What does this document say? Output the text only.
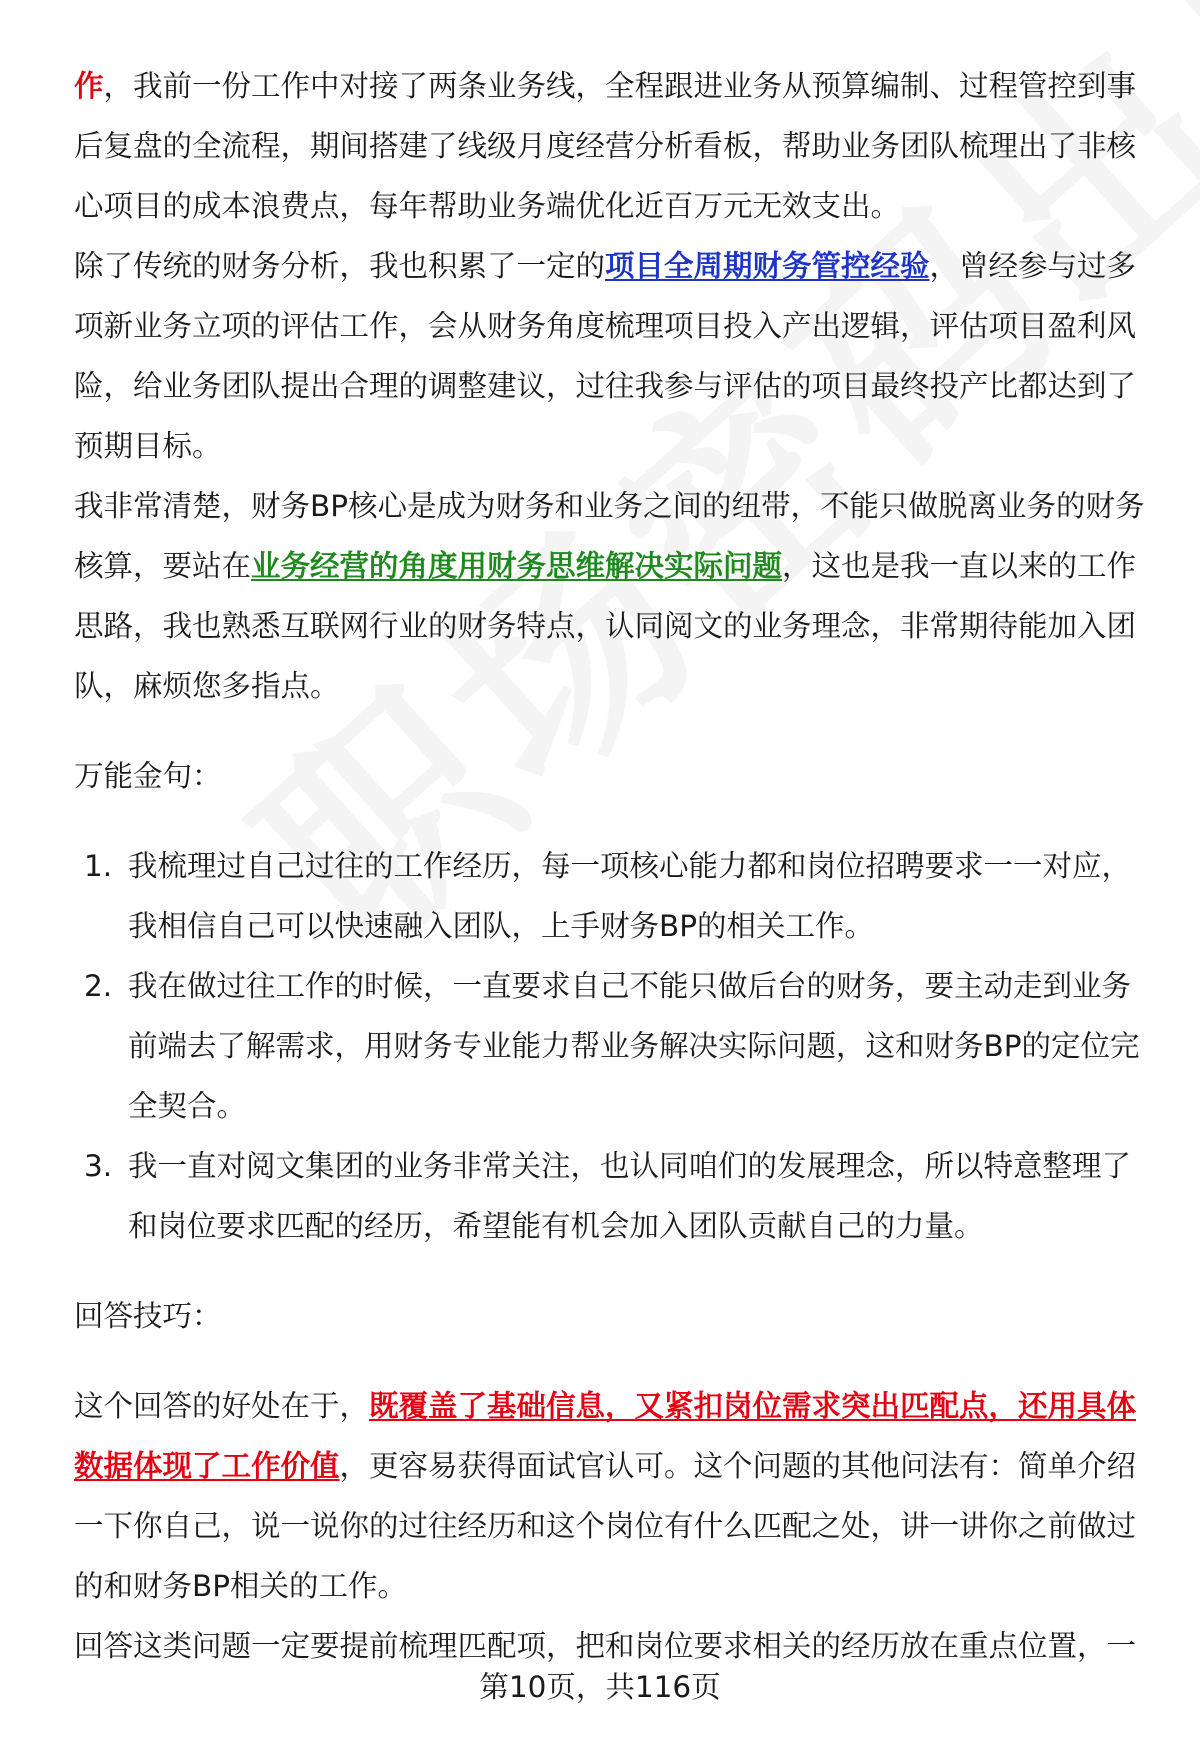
作，我前一份工作中对接了两条业务线，全程跟进业务从预算编制、过程管控到事后复盘的全流程，期间搭建了线级月度经营分析看板，帮助业务团队梳理出了非核心项目的成本浪费点，每年帮助业务端优化近百万元无效支出。

除了传统的财务分析，我也积累了一定的项目全周期财务管控经验，曾经参与过多项新业务立项的评估工作，会从财务角度梳理项目投入产出逻辑，评估项目盈利风险，给业务团队提出合理的调整建议，过往我参与评估的项目最终投产比都达到了预期目标。

我非常清楚，财务BP核心是成为财务和业务之间的纽带，不能只做脱离业务的财务核算，要站在业务经营的角度用财务思维解决实际问题，这也是我一直以来的工作思路，我也熟悉互联网行业的财务特点，认同阅文的业务理念，非常期待能加入团队，麻烦您多指点。

万能金句：

1. 我梳理过自己过往的工作经历，每一项核心能力都和岗位招聘要求一一对应，我相信自己可以快速融入团队，上手财务BP的相关工作。
2. 我在做过往工作的时候，一直要求自己不能只做后台的财务，要主动走到业务前端去了解需求，用财务专业能力帮业务解决实际问题，这和财务BP的定位完全契合。
3. 我一直对阅文集团的业务非常关注，也认同咱们的发展理念，所以特意整理了和岗位要求匹配的经历，希望能有机会加入团队贡献自己的力量。

回答技巧：

这个回答的好处在于，既覆盖了基础信息，又紧扣岗位需求突出匹配点，还用具体数据体现了工作价值，更容易获得面试官认可。这个问题的其他问法有：简单介绍一下你自己，说一说你的过往经历和这个岗位有什么匹配之处，讲一讲你之前做过的和财务BP相关的工作。

回答这类问题一定要提前梳理匹配项，把和岗位要求相关的经历放在重点位置，一

第10页，共116页
